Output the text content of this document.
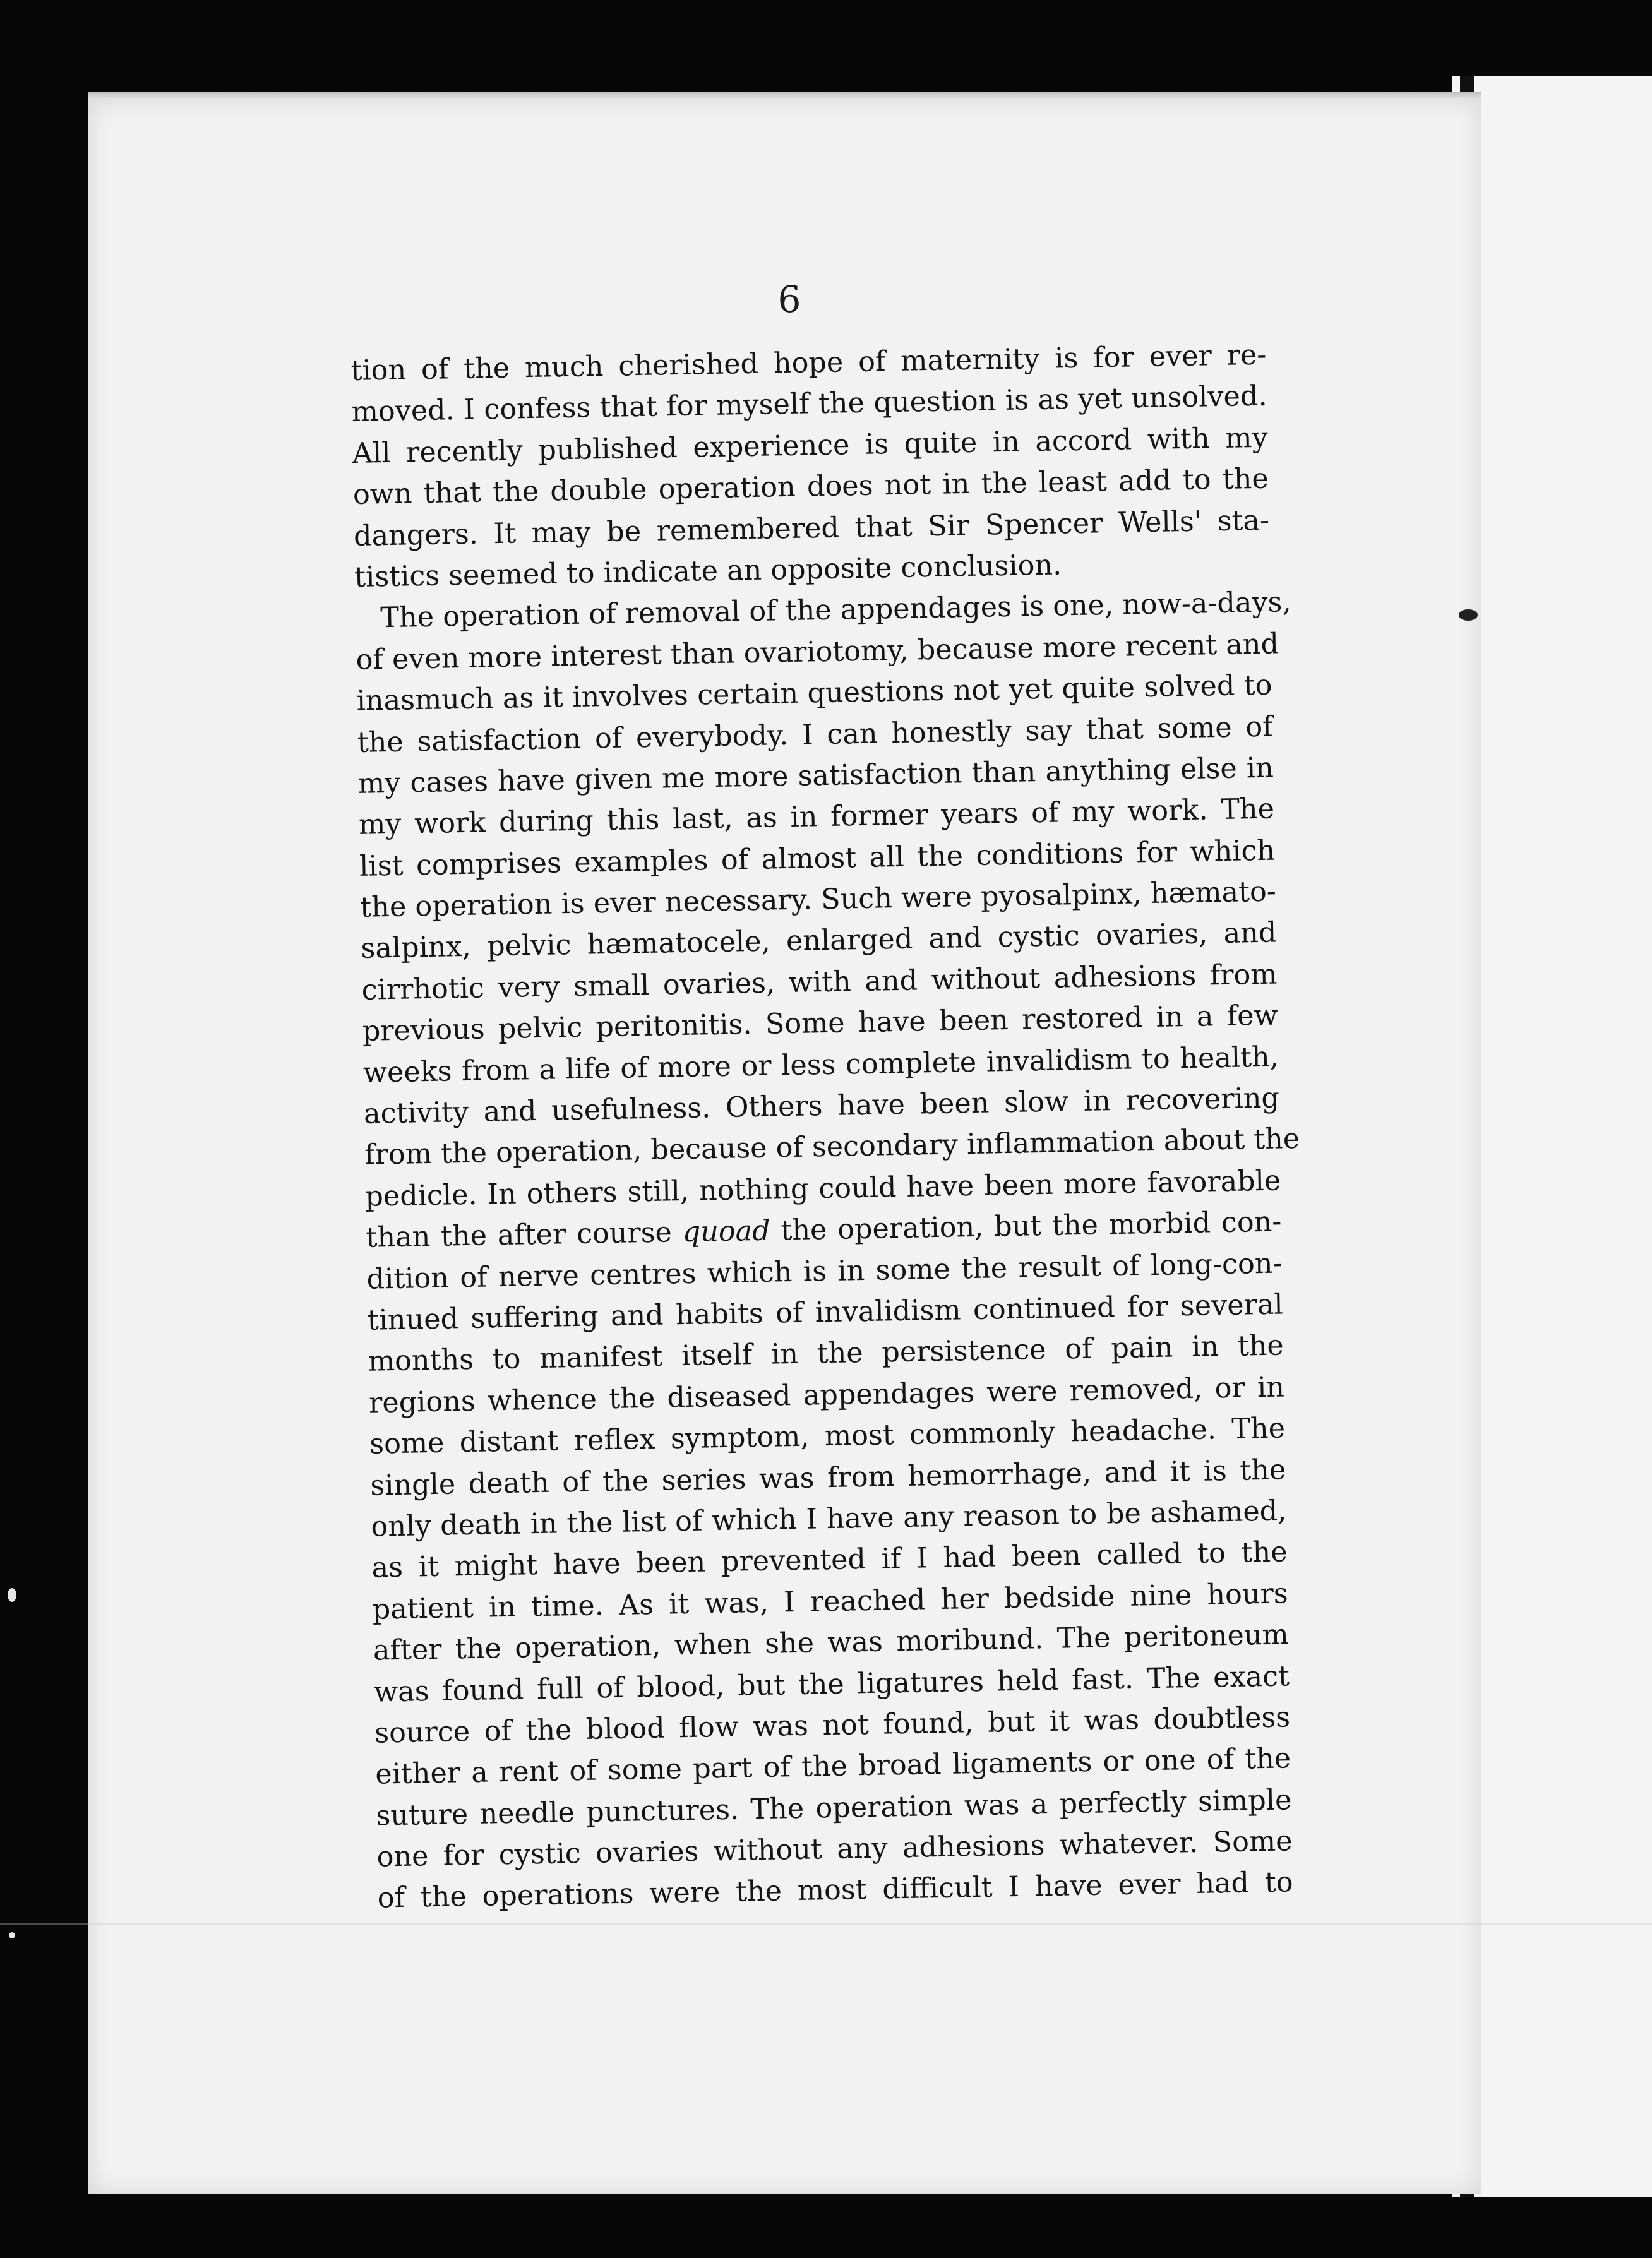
6
tion of the much cherished hope of maternity is for ever re-
moved. I confess that for myself the question is as yet unsolved.
All recently published experience is quite in accord with my
own that the double operation does not in the least add to the
dangers. It may be remembered that Sir Spencer Wells' sta-
tistics seemed to indicate an opposite conclusion.
The operation of removal of the appendages is one, now-a-days,
of even more interest than ovariotomy, because more recent and
inasmuch as it involves certain questions not yet quite solved to
the satisfaction of everybody. I can honestly say that some of
my cases have given me more satisfaction than anything else in
my work during this last, as in former years of my work. The
list comprises examples of almost all the conditions for which
the operation is ever necessary. Such were pyosalpinx, hæmato-
salpinx, pelvic hæmatocele, enlarged and cystic ovaries, and
cirrhotic very small ovaries, with and without adhesions from
previous pelvic peritonitis. Some have been restored in a few
weeks from a life of more or less complete invalidism to health,
activity and usefulness. Others have been slow in recovering
from the operation, because of secondary inflammation about the
pedicle. In others still, nothing could have been more favorable
than the after course quoad the operation, but the morbid con-
dition of nerve centres which is in some the result of long-con-
tinued suffering and habits of invalidism continued for several
months to manifest itself in the persistence of pain in the
regions whence the diseased appendages were removed, or in
some distant reflex symptom, most commonly headache. The
single death of the series was from hemorrhage, and it is the
only death in the list of which I have any reason to be ashamed,
as it might have been prevented if I had been called to the
patient in time. As it was, I reached her bedside nine hours
after the operation, when she was moribund. The peritoneum
was found full of blood, but the ligatures held fast. The exact
source of the blood flow was not found, but it was doubtless
either a rent of some part of the broad ligaments or one of the
suture needle punctures. The operation was a perfectly simple
one for cystic ovaries without any adhesions whatever. Some
of the operations were the most difficult I have ever had to
